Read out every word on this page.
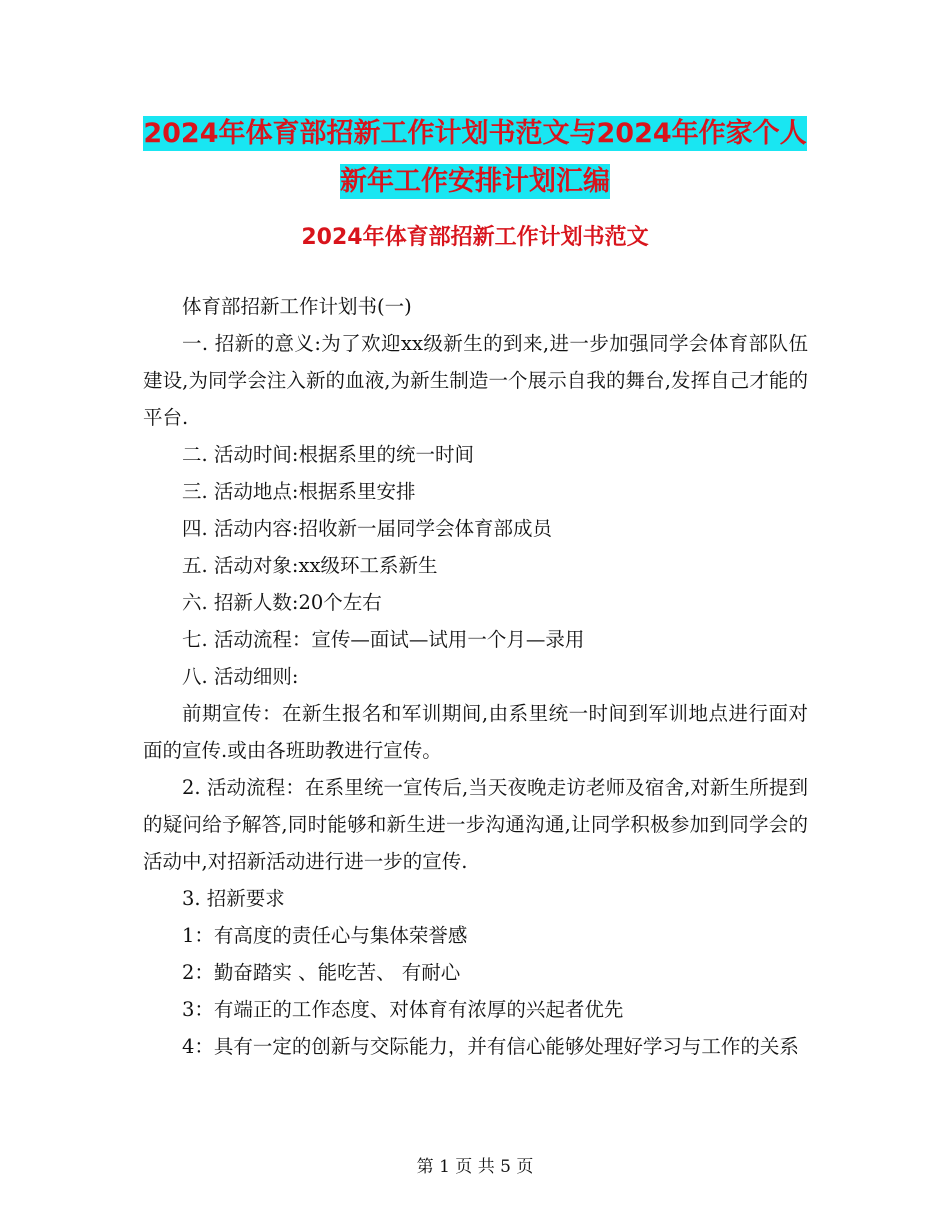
2024年体育部招新工作计划书范文与2024年作家个人
新年工作安排计划汇编
2024年体育部招新工作计划书范文

体育部招新工作计划书(一)

一. 招新的意义:为了欢迎xx级新生的到来,进一步加强同学会体育部队伍建设,为同学会注入新的血液,为新生制造一个展示自我的舞台,发挥自己才能的平台.

二. 活动时间:根据系里的统一时间

三. 活动地点:根据系里安排

四. 活动内容:招收新一届同学会体育部成员

五. 活动对象:xx级环工系新生

六. 招新人数:20个左右

七. 活动流程：宣传—面试—试用一个月—录用

八. 活动细则:

前期宣传：在新生报名和军训期间,由系里统一时间到军训地点进行面对面的宣传.或由各班助教进行宣传。

2. 活动流程：在系里统一宣传后,当天夜晚走访老师及宿舍,对新生所提到的疑问给予解答,同时能够和新生进一步沟通沟通,让同学积极参加到同学会的活动中,对招新活动进行进一步的宣传.

3. 招新要求

1：有高度的责任心与集体荣誉感

2：勤奋踏实 、能吃苦、 有耐心

3：有端正的工作态度、对体育有浓厚的兴起者优先

4：具有一定的创新与交际能力，并有信心能够处理好学习与工作的关系

第 1 页 共 5 页
